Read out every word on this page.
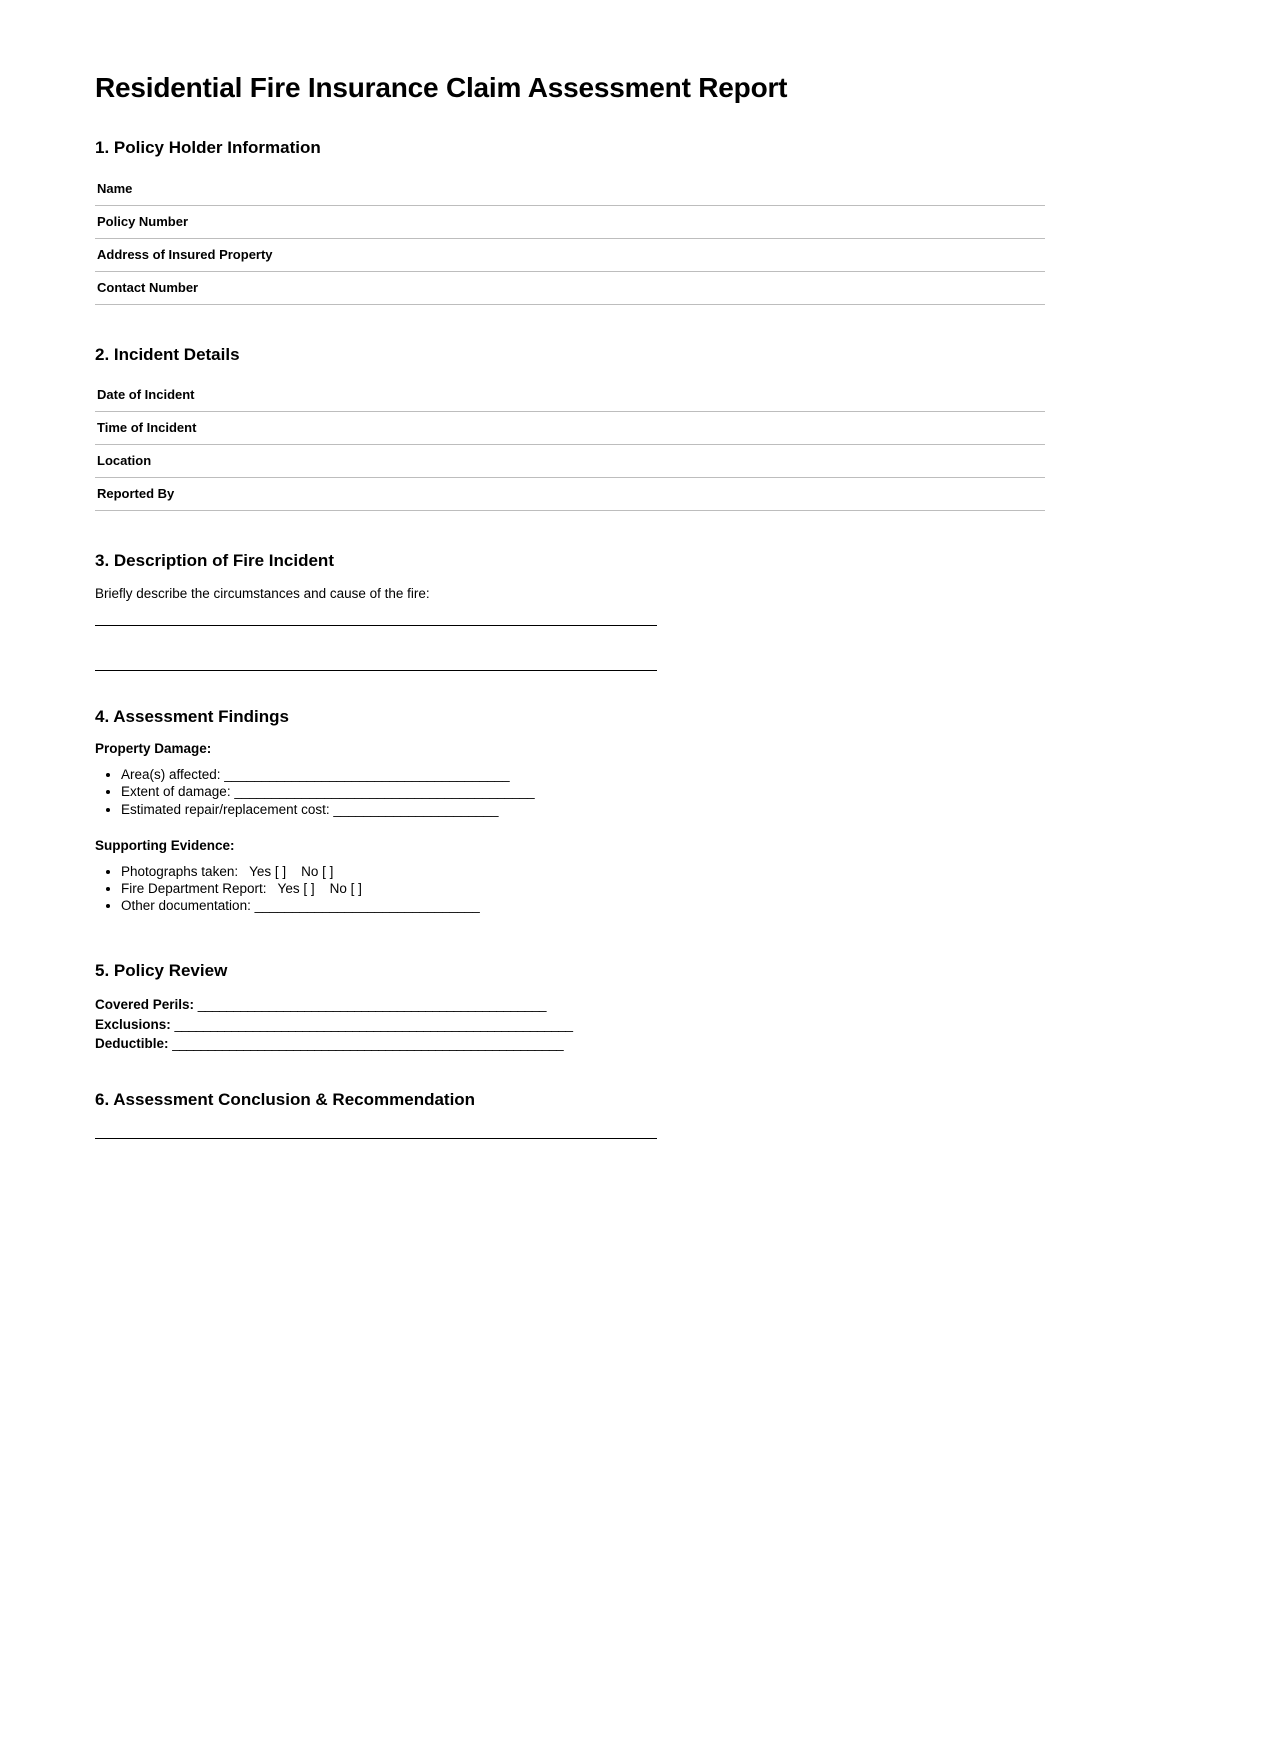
Residential Fire Insurance Claim Assessment Report
1. Policy Holder Information
Name	
Policy Number	
Address of Insured Property	
Contact Number	
2. Incident Details
Date of Incident	
Time of Incident	
Location	
Reported By	
3. Description of Fire Incident

Briefly describe the circumstances and cause of the fire:

4. Assessment Findings
Property Damage:
• Area(s) affected: ______________________________________
• Extent of damage: ________________________________________
• Estimated repair/replacement cost: ______________________
Supporting Evidence:
• Photographs taken:   Yes [ ]    No [ ]
• Fire Department Report:   Yes [ ]    No [ ]
• Other documentation: ______________________________
5. Policy Review
Covered Perils: _________________________________________________
Exclusions: ________________________________________________________
Deductible: _______________________________________________________
6. Assessment Conclusion & Recommendation
